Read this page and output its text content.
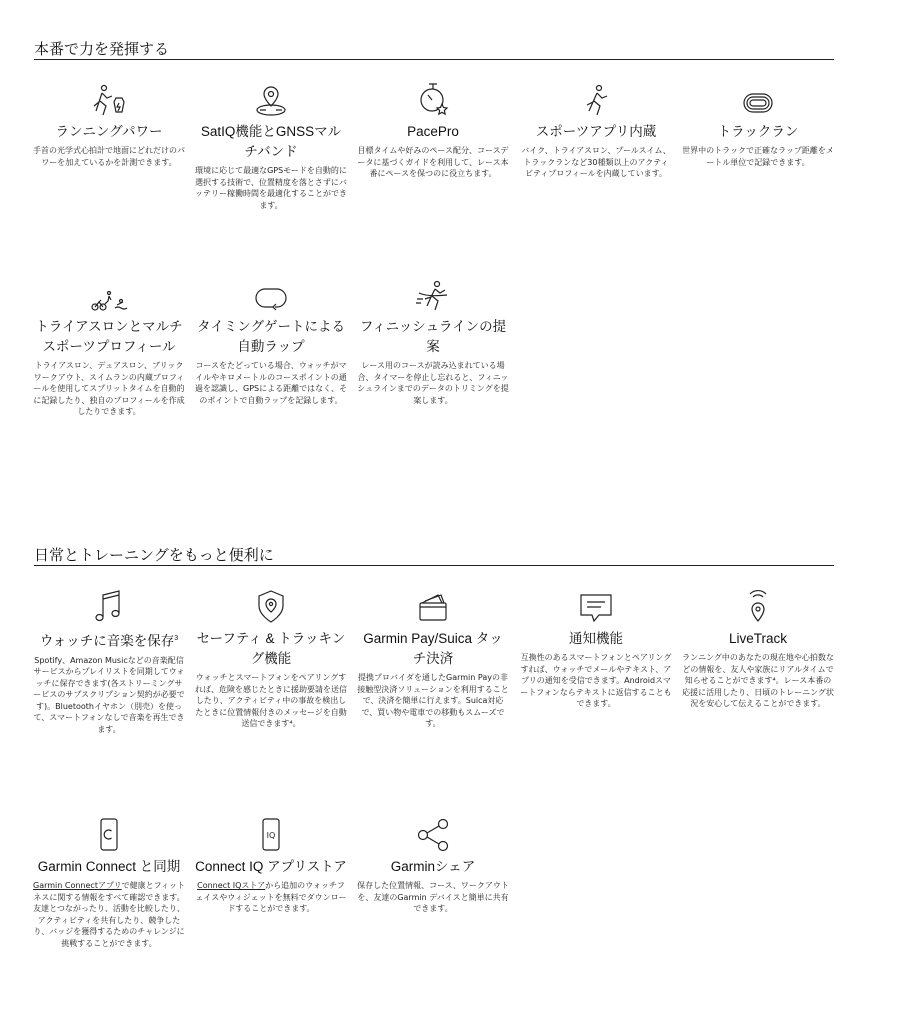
本番で力を発揮する
ランニングパワー
手首の光学式心拍計で地面にどれだけのパワーを加えているかを計測できます。
SatIQ機能とGNSSマルチバンド
環境に応じて最適なGPSモードを自動的に選択する技術で、位置精度を落とさずにバッテリー稼働時間を最適化することができます。
PacePro
目標タイムや好みのペース配分、コースデータに基づくガイドを利用して、レース本番にペースを保つのに役立ちます。
スポーツアプリ内蔵
バイク、トライアスロン、プールスイム、トラックランなど30種類以上のアクティビティプロフィールを内蔵しています。
トラックラン
世界中のトラックで正確なラップ距離をメートル単位で記録できます。
トライアスロンとマルチスポーツプロフィール
トライアスロン、デュアスロン、ブリックワークアウト、スイムランの内蔵プロフィールを使用してスプリットタイムを自動的に記録したり、独自のプロフィールを作成したりできます。
タイミングゲートによる自動ラップ
コースをたどっている場合、ウォッチがマイルやキロメートルのコースポイントの通過を認識し、GPSによる距離ではなく、そのポイントで自動ラップを記録します。
フィニッシュラインの提案
レース用のコースが読み込まれている場合、タイマーを停止し忘れると、フィニッシュラインまでのデータのトリミングを提案します。
日常とトレーニングをもっと便利に
ウォッチに音楽を保存$^3$
Spotify、Amazon Musicなどの音楽配信サービスからプレイリストを同期してウォッチに保存できます(各ストリーミングサービスのサブスクリプション契約が必要です)。Bluetoothイヤホン（別売）を使って、スマートフォンなしで音楽を再生できます。
セーフティ & トラッキング機能
ウォッチとスマートフォンをペアリングすれば、危険を感じたときに援助要請を送信したり、アクティビティ中の事故を検出したときに位置情報付きのメッセージを自動送信できます⁴。
Garmin Pay/Suica タッチ決済
提携プロバイダを通したGarmin Payの非接触型決済ソリューションを利用することで、決済を簡単に行えます。Suica対応で、買い物や電車での移動もスムーズです。
通知機能
互換性のあるスマートフォンとペアリングすれば、ウォッチでメールやテキスト、アプリの通知を受信できます。Androidスマートフォンならテキストに返信することもできます。
LiveTrack
ランニング中のあなたの現在地や心拍数などの情報を、友人や家族にリアルタイムで知らせることができます⁴。レース本番の応援に活用したり、日頃のトレーニング状況を安心して伝えることができます。
Garmin Connect と同期
Garmin Connectアプリで健康とフィットネスに関する情報をすべて確認できます。友達とつながったり、活動を比較したり、アクティビティを共有したり、競争したり、バッジを獲得するためのチャレンジに挑戦することができます。
IQ
Connect IQ アプリストア
Connect IQストアから追加のウォッチフェイスやウィジェットを無料でダウンロードすることができます。
Garminシェア
保存した位置情報、コース、ワークアウトを、友達のGarmin デバイスと簡単に共有できます。
